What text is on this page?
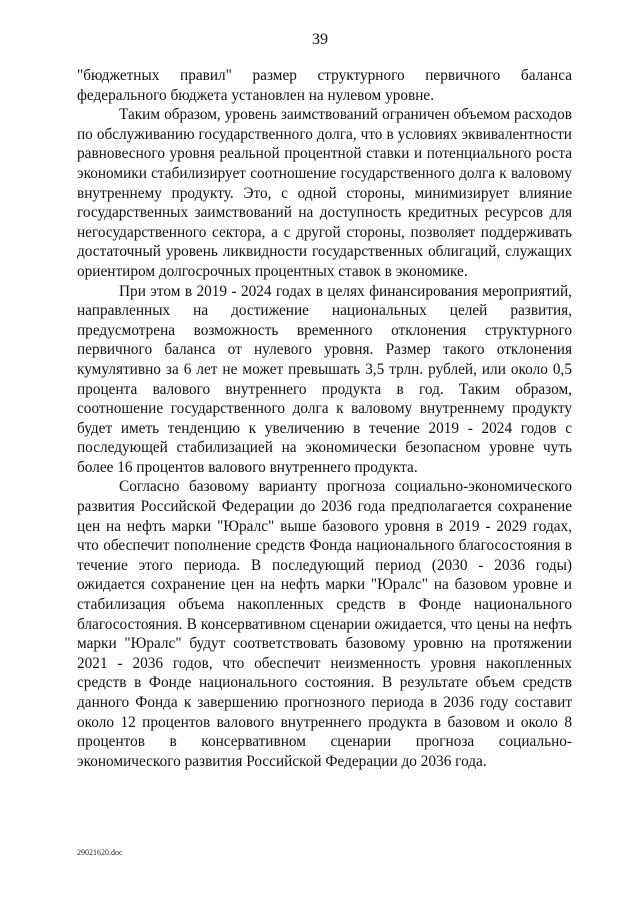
39

"бюджетных правил" размер структурного первичного баланса федерального бюджета установлен на нулевом уровне.

Таким образом, уровень заимствований ограничен объемом расходов по обслуживанию государственного долга, что в условиях эквивалентности равновесного уровня реальной процентной ставки и потенциального роста экономики стабилизирует соотношение государственного долга к валовому внутреннему продукту. Это, с одной стороны, минимизирует влияние государственных заимствований на доступность кредитных ресурсов для негосударственного сектора, а с другой стороны, позволяет поддерживать достаточный уровень ликвидности государственных облигаций, служащих ориентиром долгосрочных процентных ставок в экономике.

При этом в 2019 - 2024 годах в целях финансирования мероприятий, направленных на достижение национальных целей развития, предусмотрена возможность временного отклонения структурного первичного баланса от нулевого уровня. Размер такого отклонения кумулятивно за 6 лет не может превышать 3,5 трлн. рублей, или около 0,5 процента валового внутреннего продукта в год. Таким образом, соотношение государственного долга к валовому внутреннему продукту будет иметь тенденцию к увеличению в течение 2019 - 2024 годов с последующей стабилизацией на экономически безопасном уровне чуть более 16 процентов валового внутреннего продукта.

Согласно базовому варианту прогноза социально-экономического развития Российской Федерации до 2036 года предполагается сохранение цен на нефть марки "Юралс" выше базового уровня в 2019 - 2029 годах, что обеспечит пополнение средств Фонда национального благосостояния в течение этого периода. В последующий период (2030 - 2036 годы) ожидается сохранение цен на нефть марки "Юралс" на базовом уровне и стабилизация объема накопленных средств в Фонде национального благосостояния. В консервативном сценарии ожидается, что цены на нефть марки "Юралс" будут соответствовать базовому уровню на протяжении 2021 - 2036 годов, что обеспечит неизменность уровня накопленных средств в Фонде национального состояния. В результате объем средств данного Фонда к завершению прогнозного периода в 2036 году составит около 12 процентов валового внутреннего продукта в базовом и около 8 процентов в консервативном сценарии прогноза социально-экономического развития Российской Федерации до 2036 года.

29021620.doc
